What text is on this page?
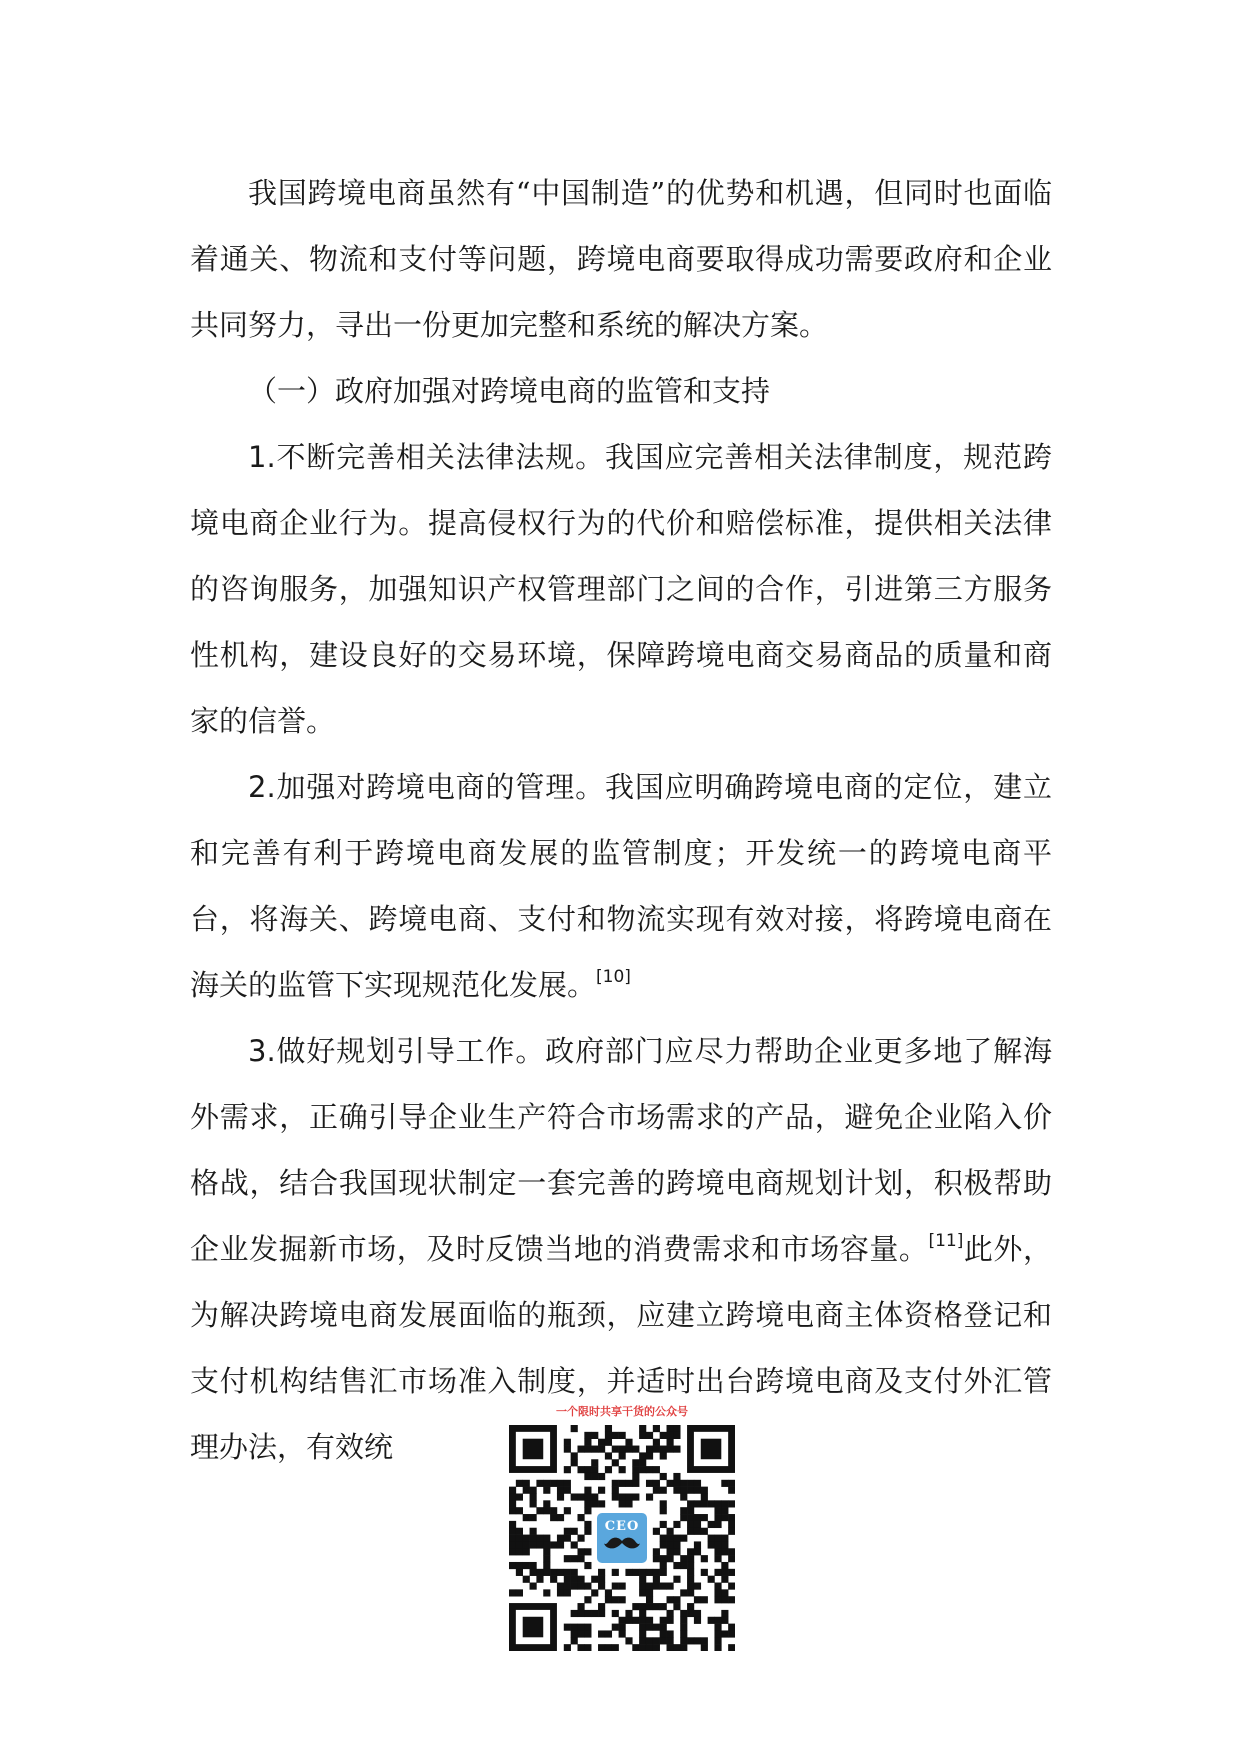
我国跨境电商虽然有“中国制造”的优势和机遇，但同时也面临着通关、物流和支付等问题，跨境电商要取得成功需要政府和企业共同努力，寻出一份更加完整和系统的解决方案。

（一）政府加强对跨境电商的监管和支持

1.不断完善相关法律法规。我国应完善相关法律制度，规范跨境电商企业行为。提高侵权行为的代价和赔偿标准，提供相关法律的咨询服务，加强知识产权管理部门之间的合作，引进第三方服务性机构，建设良好的交易环境，保障跨境电商交易商品的质量和商家的信誉。

2.加强对跨境电商的管理。我国应明确跨境电商的定位，建立和完善有利于跨境电商发展的监管制度；开发统一的跨境电商平台，将海关、跨境电商、支付和物流实现有效对接，将跨境电商在海关的监管下实现规范化发展。[10]

3.做好规划引导工作。政府部门应尽力帮助企业更多地了解海外需求，正确引导企业生产符合市场需求的产品，避免企业陷入价格战，结合我国现状制定一套完善的跨境电商规划计划，积极帮助企业发掘新市场，及时反馈当地的消费需求和市场容量。[11]此外，为解决跨境电商发展面临的瓶颈，应建立跨境电商主体资格登记和支付机构结售汇市场准入制度，并适时出台跨境电商及支付外汇管理办法，有效统

一个限时共享干货的公众号
CEO
